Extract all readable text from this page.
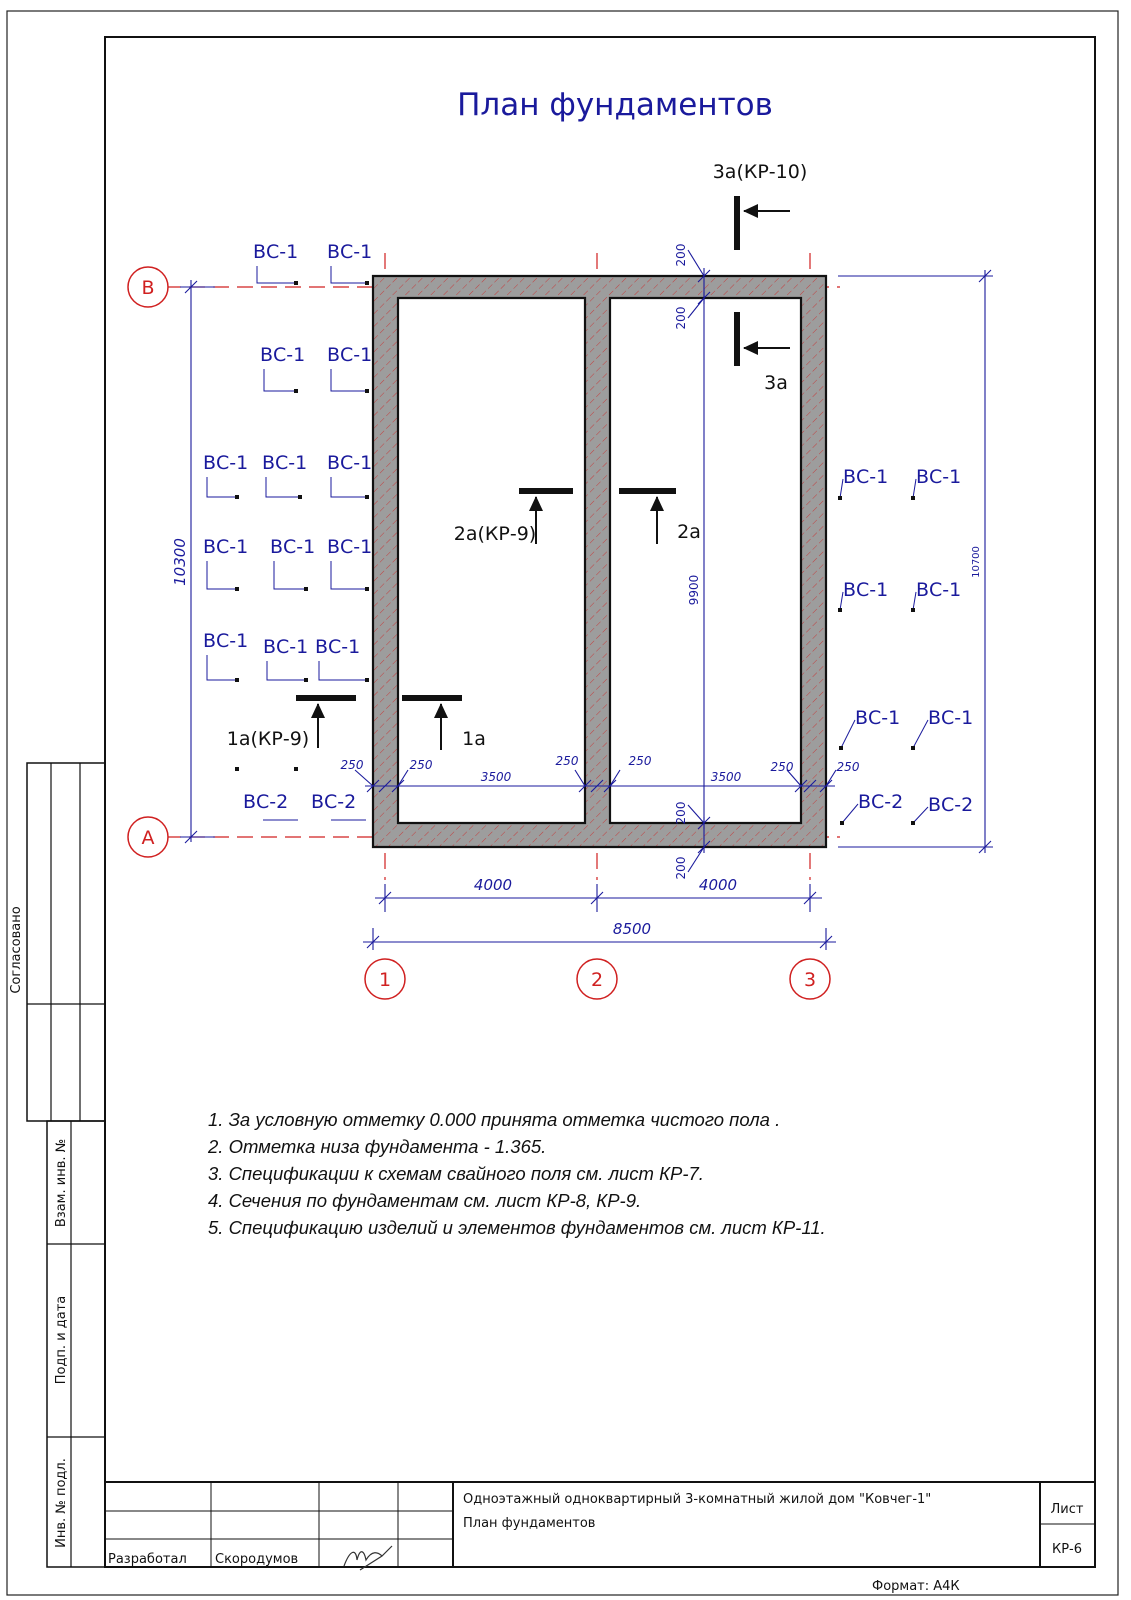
Согласовано
Взам. инв. №
Подп. и дата
Инв. № подл.
План фундаментов
В
А
1	2	3
10300	10700
9900
200
200
200
200
250	250	250	250	250	250
3500	3500
4000	4000
8500
1а(КР-9)	1а
2а(КР-9)	2а
3а(КР-10)
3а
ВС-1 ВС-1
ВС-1 ВС-1
ВС-1 ВС-1 ВС-1
ВС-1 ВС-1 ВС-1
ВС-1 ВС-1 ВС-1
ВС-1 ВС-1
ВС-1 ВС-1
ВС-1 ВС-1
ВС-2 ВС-2	ВС-2 ВС-2
1. За условную отметку 0.000 принята отметка чистого пола .
2. Отметка низа фундамента - 1.365.
3. Спецификации к схемам свайного поля см. лист КР-7.
4. Сечения по фундаментам см. лист КР-8, КР-9.
5. Спецификацию изделий и элементов фундаментов см. лист КР-11.
Одноэтажный одноквартирный 3-комнатный жилой дом "Ковчег-1"
План фундаментов
Разработал Скородумов
Лист
КР-6
Формат: А4К
